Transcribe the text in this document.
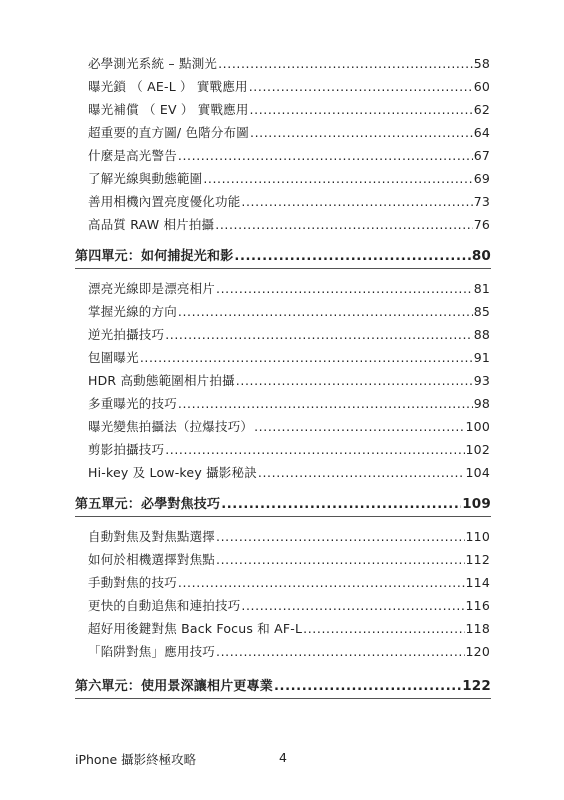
必學測光系統 – 點測光 .....	58
曝光鎖 （ AE-L ） 實戰應用 .....	60
曝光補償 （ EV ） 實戰應用 .....	62
超重要的直方圖/ 色階分布圖 .....	64
什麼是高光警告 .....	67
了解光線與動態範圍 .....	69
善用相機內置亮度優化功能 .....	73
高品質 RAW 相片拍攝 .....	76
第四單元：如何捕捉光和影 .....	80
漂亮光線即是漂亮相片 .....	81
掌握光線的方向 .....	85
逆光拍攝技巧 .....	88
包圍曝光 .....	91
HDR 高動態範圍相片拍攝 .....	93
多重曝光的技巧 .....	98
曝光變焦拍攝法（拉爆技巧） .....	100
剪影拍攝技巧 .....	102
Hi-key 及 Low-key 攝影秘訣 .....	104
第五單元：必學對焦技巧 .....	109
自動對焦及對焦點選擇 .....	110
如何於相機選擇對焦點 .....	112
手動對焦的技巧 .....	114
更快的自動追焦和連拍技巧 .....	116
超好用後鍵對焦 Back Focus 和 AF-L .....	118
「陷阱對焦」應用技巧 .....	120
第六單元：使用景深讓相片更專業 .....	122
iPhone 攝影終極攻略	4
